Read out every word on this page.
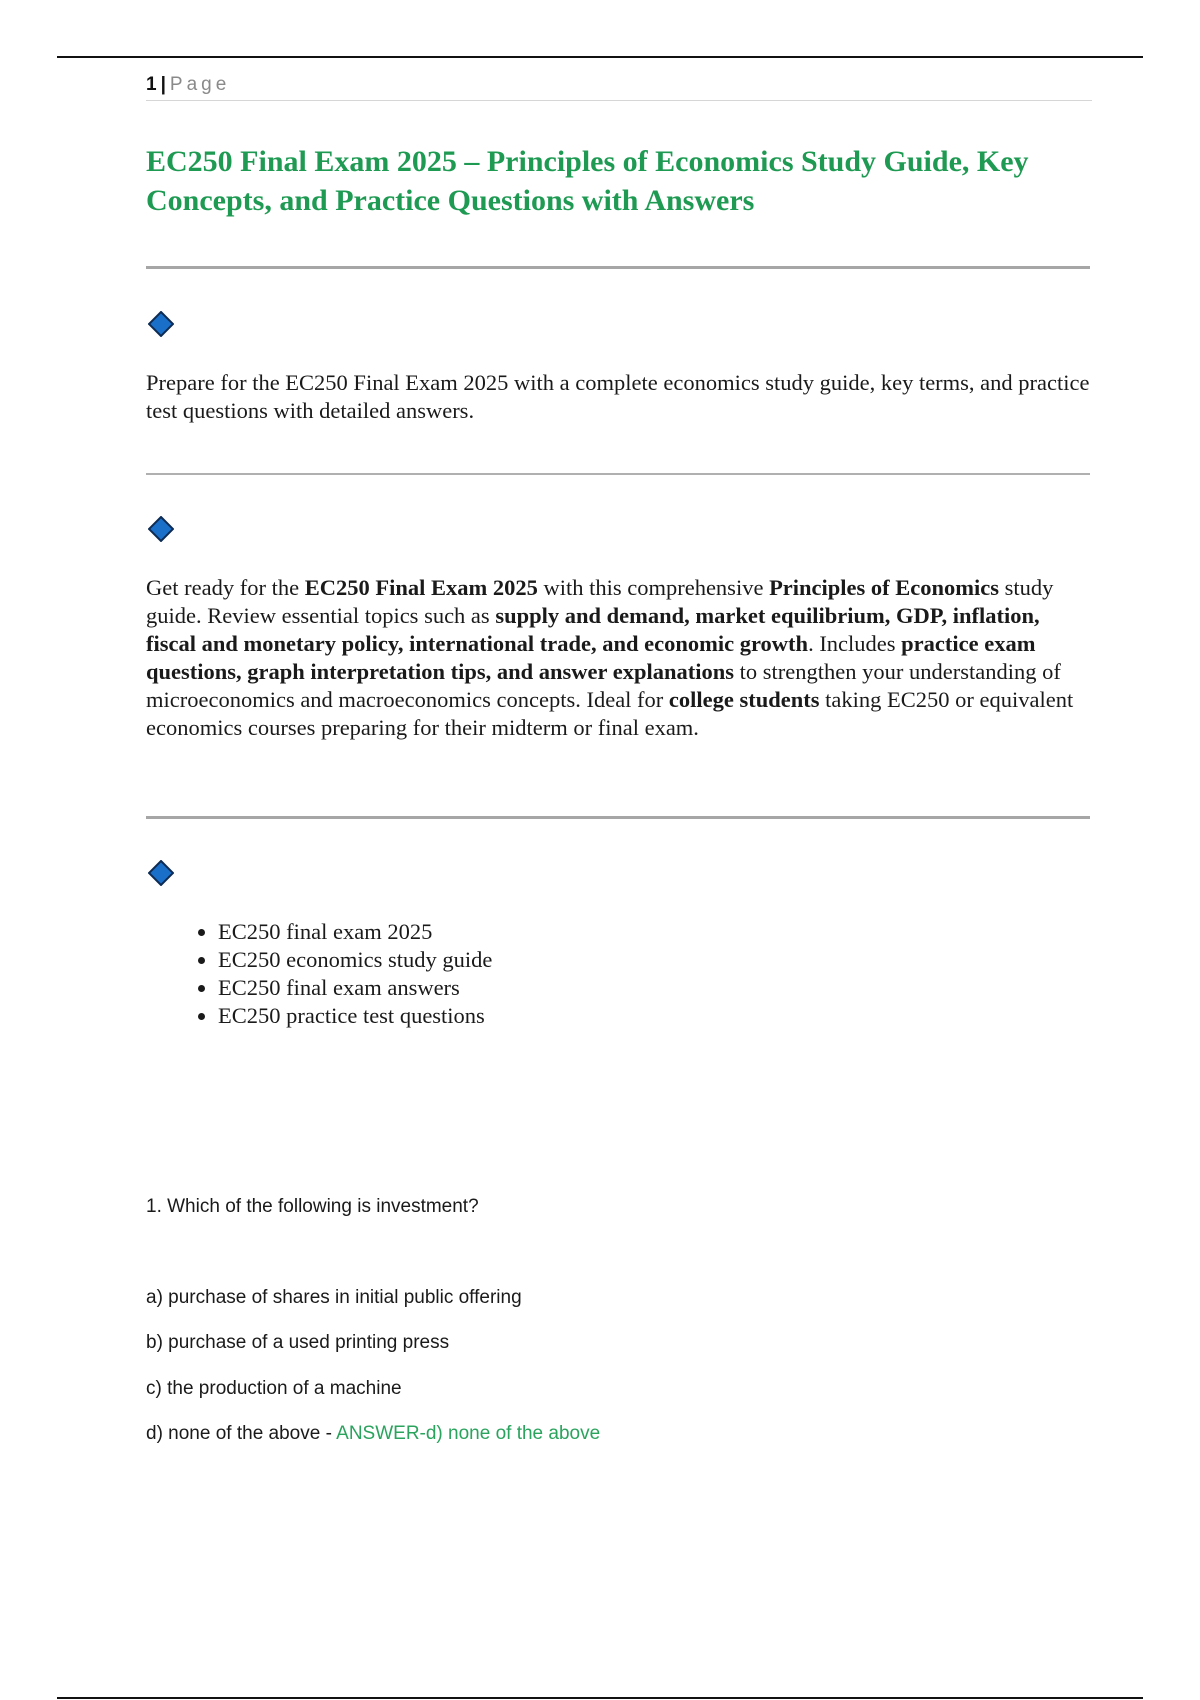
1 | Page
EC250 Final Exam 2025 – Principles of Economics Study Guide, Key Concepts, and Practice Questions with Answers

Prepare for the EC250 Final Exam 2025 with a complete economics study guide, key terms, and practice test questions with detailed answers.

Get ready for the EC250 Final Exam 2025 with this comprehensive Principles of Economics study guide. Review essential topics such as supply and demand, market equilibrium, GDP, inflation, fiscal and monetary policy, international trade, and economic growth. Includes practice exam questions, graph interpretation tips, and answer explanations to strengthen your understanding of microeconomics and macroeconomics concepts. Ideal for college students taking EC250 or equivalent economics courses preparing for their midterm or final exam.

• EC250 final exam 2025
• EC250 economics study guide
• EC250 final exam answers
• EC250 practice test questions

1. Which of the following is investment?

a) purchase of shares in initial public offering

b) purchase of a used printing press

c) the production of a machine

d) none of the above - ANSWER-d) none of the above
